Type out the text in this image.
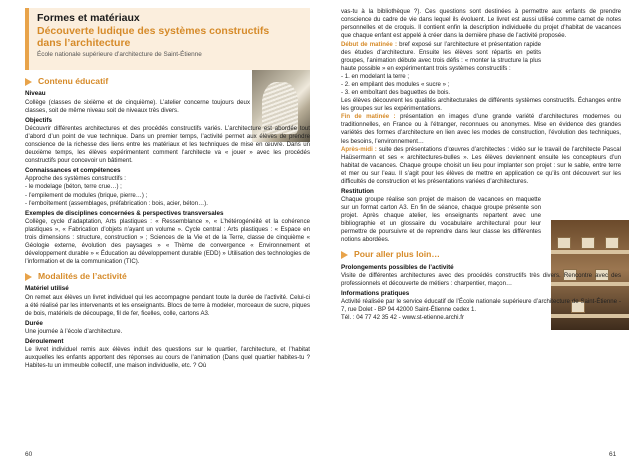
Formes et matériaux
Découverte ludique des systèmes constructifs
dans l’architecture
École nationale supérieure d’architecture de Saint-Étienne
Contenu éducatif
Niveau
Collège (classes de sixième et de cinquième). L’atelier concerne toujours deux classes, soit de même niveau soit de niveaux très divers.
Objectifs
Découvrir différentes architectures et des procédés constructifs variés. L’architecture est abordée tout d’abord d’un point de vue technique. Dans un premier temps, l’activité permet aux élèves de prendre conscience de la richesse des liens entre les matériaux et les techniques de mise en œuvre. Dans un deuxième temps, les élèves expérimentent comment l’architecte va « jouer » avec les procédés constructifs pour concevoir un bâtiment.
Connaissances et compétences
Approche des systèmes constructifs :
- le modelage (béton, terre crue…) ;
- l’empilement de modules (brique, pierre…) ;
- l’emboîtement (assemblages, préfabrication : bois, acier, béton…).
Exemples de disciplines concernées & perspectives transversales
Collège, cycle d’adaptation, Arts plastiques : « Ressemblance », « L’hétérogénéité et la cohérence plastiques », « Fabrication d’objets n’ayant un volume ». Cycle central : Arts plastiques : « Espace en trois dimensions : structure, construction » ; Sciences de la Vie et de la Terre, classe de cinquième « Géologie externe, évolution des paysages » « Thème de convergence « Environnement et développement durable » « Éducation au développement durable (EDD) » Utilisation des technologies de l’information et de la communication (TIC).
Modalités de l’activité
Matériel utilisé
On remet aux élèves un livret individuel qui les accompagne pendant toute la durée de l’activité. Celui-ci a été réalisé par les intervenants et les enseignants. Blocs de terre à modeler, morceaux de sucre, piques de bois, matériels de découpage, fil de fer, ficelles, colle, cartons A3.
Durée
Une journée à l’école d’architecture.
Déroulement
Le livret individuel remis aux élèves induit des questions sur le quartier, l’architecture, et l’habitat auxquelles les enfants apportent des réponses au cours de l’animation (Dans quel quartier habites-tu ? Habites-tu un immeuble collectif, une maison individuelle, etc. ? Où
60
vas-tu à la bibliothèque ?). Ces questions sont destinées à permettre aux enfants de prendre conscience du cadre de vie dans lequel ils évoluent. Le livret est aussi utilisé comme carnet de notes personnelles et de croquis. Il contient enfin la description individuelle du projet d’habitat de vacances que chaque enfant est appelé à créer dans la dernière phase de l’activité proposée.
Début de matinée : bref exposé sur l’architecture et présentation rapide des études d’architecture. Ensuite les élèves sont répartis en petits groupes, l’animation débute avec trois défis : « monter la structure la plus haute possible » en expérimentant trois systèmes constructifs :
- 1. en modelant la terre ;
- 2. en empilant des modules « sucre » ;
- 3. en emboîtant des baguettes de bois.
Les élèves découvrent les qualités architecturales de différents systèmes constructifs. Échanges entre les groupes sur les expérimentations.
Fin de matinée : présentation en images d’une grande variété d’architectures modernes ou traditionnelles, en France ou à l’étranger, reconnues ou anonymes. Mise en évidence des grandes variétés des formes d’architecture en lien avec les modes de construction, l’évolution des techniques, les besoins, l’environnement…
Après-midi : suite des présentations d’œuvres d’architectes : vidéo sur le travail de l’architecte Pascal Haüsermann et ses « architectures-bulles ». Les élèves deviennent ensuite les concepteurs d’un habitat de vacances. Chaque groupe choisit un lieu pour implanter son projet : sur le sable, entre terre et mer ou sur l’eau. Il s’agit pour les élèves de mettre en application ce qu’ils ont découvert sur les difficultés de construction et les présentations variées d’architectures.
Restitution
Chaque groupe réalise son projet de maison de vacances en maquette sur un format carton A3. En fin de séance, chaque groupe présente son projet. Après chaque atelier, les enseignants repartent avec une bibliographie et un glossaire du vocabulaire architectural pour leur permettre de poursuivre et de reprendre dans leur classe les différentes notions abordées.
Pour aller plus loin…
Prolongements possibles de l’activité
Visite de différentes architectures avec des procédés constructifs très divers. Rencontre avec des professionnels et découverte de métiers : charpentier, maçon…
Informations pratiques
Activité réalisée par le service éducatif de l’École nationale supérieure d’architecture de Saint-Étienne - 7, rue Dolet - BP 94 42000 Saint-Étienne cedex 1.
Tél. : 04 77 42 35 42 - www.st-etienne.archi.fr
61
